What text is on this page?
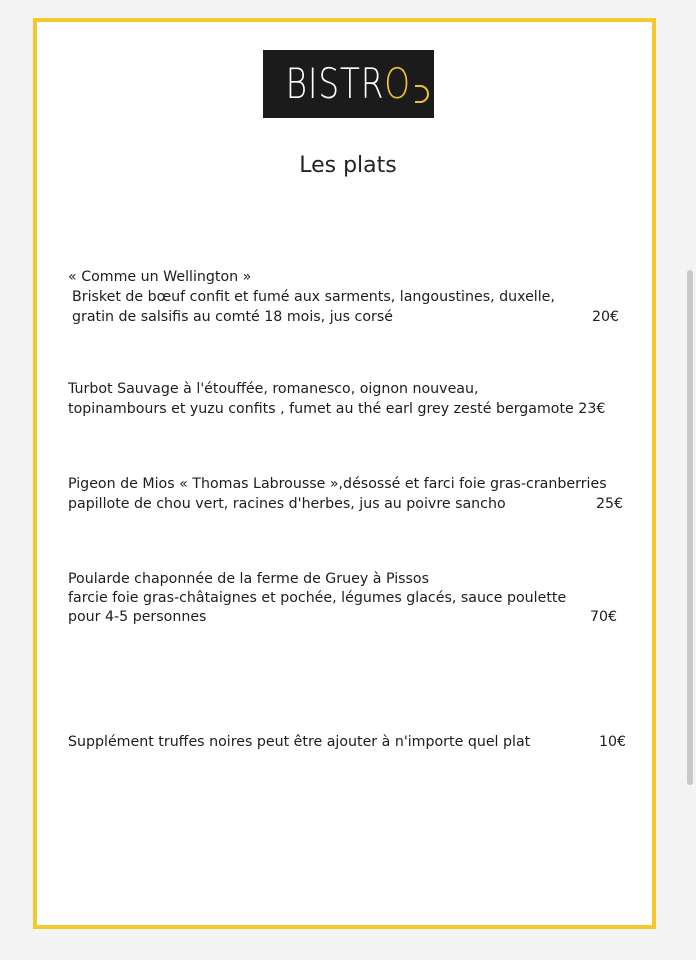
BISTRO
Les plats
« Comme un Wellington »
Brisket de bœuf confit et fumé aux sarments, langoustines, duxelle,
gratin de salsifis au comté 18 mois, jus corsé	20€
Turbot Sauvage à l'étouffée, romanesco, oignon nouveau,
topinambours et yuzu confits , fumet au thé earl grey zesté bergamote 23€
Pigeon de Mios « Thomas Labrousse »,désossé et farci foie gras-cranberries
papillote de chou vert, racines d'herbes, jus au poivre sancho	25€
Poularde chaponnée de la ferme de Gruey à Pissos
farcie foie gras-châtaignes et pochée, légumes glacés, sauce poulette
pour 4-5 personnes	70€
Supplément truffes noires peut être ajouter à n'importe quel plat	10€
